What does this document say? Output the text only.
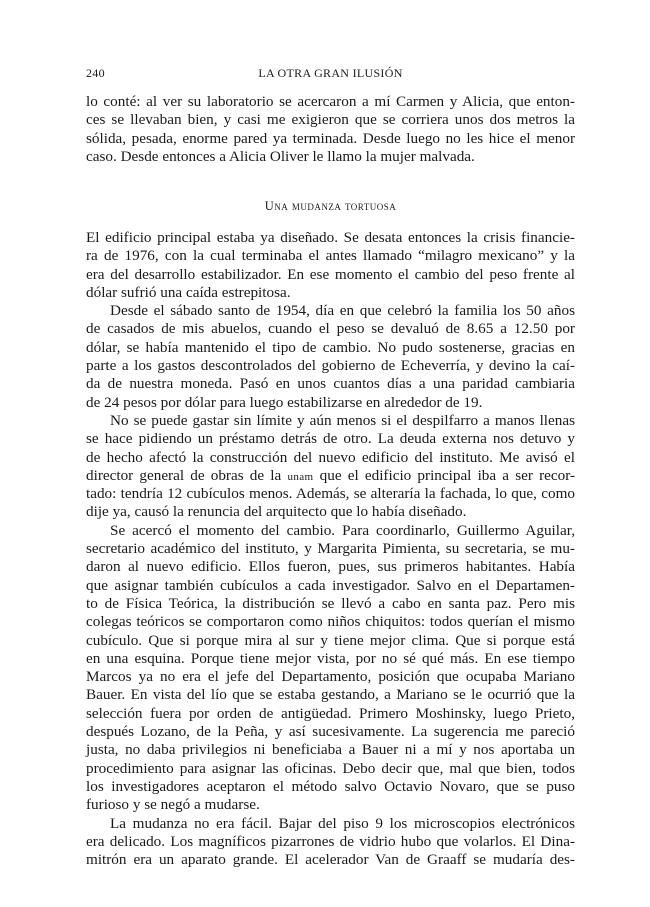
240	LA OTRA GRAN ILUSIÓN
lo conté: al ver su laboratorio se acercaron a mí Carmen y Alicia, que enton-
ces se llevaban bien, y casi me exigieron que se corriera unos dos metros la
sólida, pesada, enorme pared ya terminada. Desde luego no les hice el menor
caso. Desde entonces a Alicia Oliver le llamo la mujer malvada.
Una mudanza tortuosa
El edificio principal estaba ya diseñado. Se desata entonces la crisis financie-
ra de 1976, con la cual terminaba el antes llamado “milagro mexicano” y la
era del desarrollo estabilizador. En ese momento el cambio del peso frente al
dólar sufrió una caída estrepitosa.
Desde el sábado santo de 1954, día en que celebró la familia los 50 años
de casados de mis abuelos, cuando el peso se devaluó de 8.65 a 12.50 por
dólar, se había mantenido el tipo de cambio. No pudo sostenerse, gracias en
parte a los gastos descontrolados del gobierno de Echeverría, y devino la caí-
da de nuestra moneda. Pasó en unos cuantos días a una paridad cambiaria
de 24 pesos por dólar para luego estabilizarse en alrededor de 19.
No se puede gastar sin límite y aún menos si el despilfarro a manos llenas
se hace pidiendo un préstamo detrás de otro. La deuda externa nos detuvo y
de hecho afectó la construcción del nuevo edificio del instituto. Me avisó el
director general de obras de la unam que el edificio principal iba a ser recor-
tado: tendría 12 cubículos menos. Además, se alteraría la fachada, lo que, como
dije ya, causó la renuncia del arquitecto que lo había diseñado.
Se acercó el momento del cambio. Para coordinarlo, Guillermo Aguilar,
secretario académico del instituto, y Margarita Pimienta, su secretaria, se mu-
daron al nuevo edificio. Ellos fueron, pues, sus primeros habitantes. Había
que asignar también cubículos a cada investigador. Salvo en el Departamen-
to de Física Teórica, la distribución se llevó a cabo en santa paz. Pero mis
colegas teóricos se comportaron como niños chiquitos: todos querían el mismo
cubículo. Que si porque mira al sur y tiene mejor clima. Que si porque está
en una esquina. Porque tiene mejor vista, por no sé qué más. En ese tiempo
Marcos ya no era el jefe del Departamento, posición que ocupaba Mariano
Bauer. En vista del lío que se estaba gestando, a Mariano se le ocurrió que la
selección fuera por orden de antigüedad. Primero Moshinsky, luego Prieto,
después Lozano, de la Peña, y así sucesivamente. La sugerencia me pareció
justa, no daba privilegios ni beneficiaba a Bauer ni a mí y nos aportaba un
procedimiento para asignar las oficinas. Debo decir que, mal que bien, todos
los investigadores aceptaron el método salvo Octavio Novaro, que se puso
furioso y se negó a mudarse.
La mudanza no era fácil. Bajar del piso 9 los microscopios electrónicos
era delicado. Los magníficos pizarrones de vidrio hubo que volarlos. El Dina-
mitrón era un aparato grande. El acelerador Van de Graaff se mudaría des-
